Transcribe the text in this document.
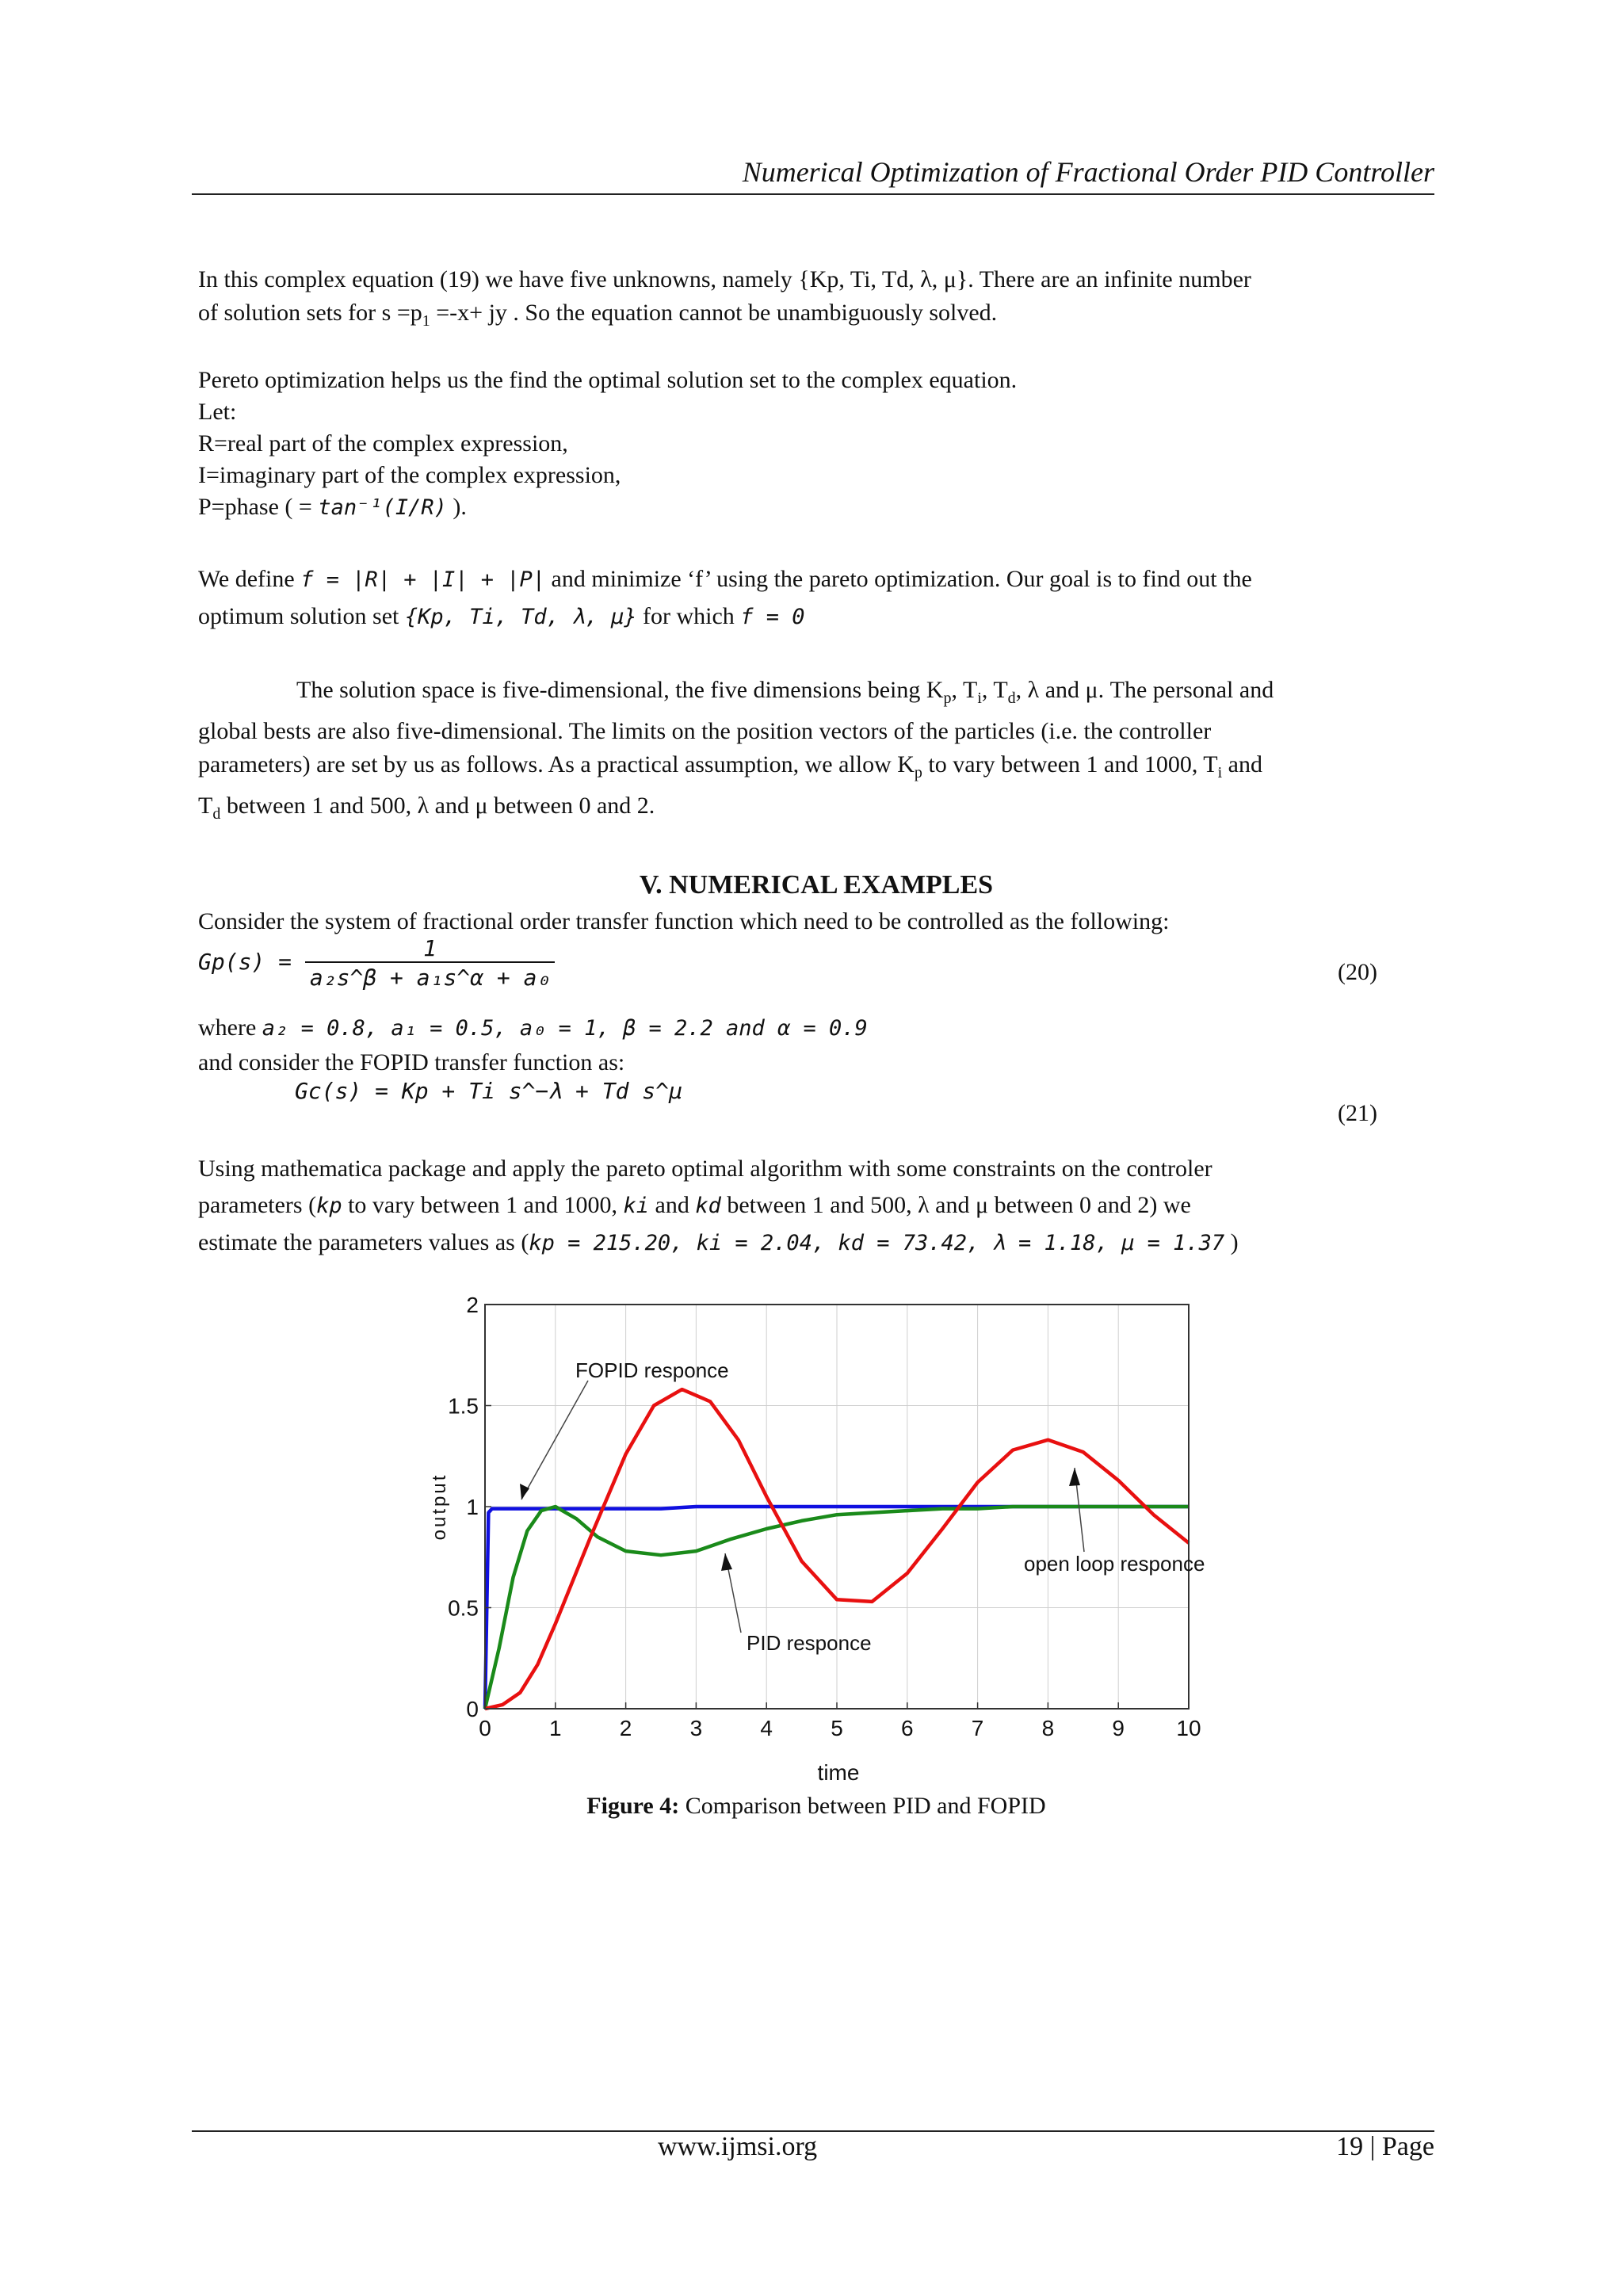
Numerical Optimization of Fractional Order PID Controller
In this complex equation (19) we have five unknowns, namely {Kp, Ti, Td, λ, μ}. There are an infinite number
of solution sets for $s =p_1 =-x+$ jy . So the equation cannot be unambiguously solved.
Pereto optimization helps us the find the optimal solution set to the complex equation.
Let:
R=real part of the complex expression,
I=imaginary part of the complex expression,
P=phase ( = tan⁻¹(I/R) ).
We define f = |R| + |I| + |P| and minimize ‘f’ using the pareto optimization. Our goal is to find out the
optimum solution set {Kp, Ti, Td, λ, μ} for which f = 0
The solution space is five-dimensional, the five dimensions being $K_p$, $T_i$, $T_d$, λ and μ. The personal and
global bests are also five-dimensional. The limits on the position vectors of the particles (i.e. the controller
parameters) are set by us as follows. As a practical assumption, we allow $K_p$ to vary between 1 and 1000, $T_i$ and
$T_d$ between 1 and 500, λ and μ between 0 and 2.
V. NUMERICAL EXAMPLES
Consider the system of fractional order transfer function which need to be controlled as the following:
$Gp(s) = \frac{1}{\text{a₂s\textasciicircum{}β + a₁s\textasciicircum{}α + a₀}}$	(20)
where a₂ = 0.8, a₁ = 0.5, a₀ = 1, β = 2.2 and α = 0.9
and consider the FOPID transfer function as:
Gc(s) = Kp + Ti s^−λ + Td s^μ
(21)
Using mathematica package and apply the pareto optimal algorithm with some constraints on the controler
parameters (kp to vary between 1 and 1000, ki and kd between 1 and 500, λ and μ between 0 and 2) we
estimate the parameters values as (kp = 215.20, ki = 2.04, kd = 73.42, λ = 1.18, μ = 1.37 )
0	1	2	3	4	5	6	7	8	9 10
0
0.5
1
1.5
2
time
output
FOPID responce
PID responce
open loop responce
Figure 4: Comparison between PID and FOPID
www.ijmsi.org	19 | Page
